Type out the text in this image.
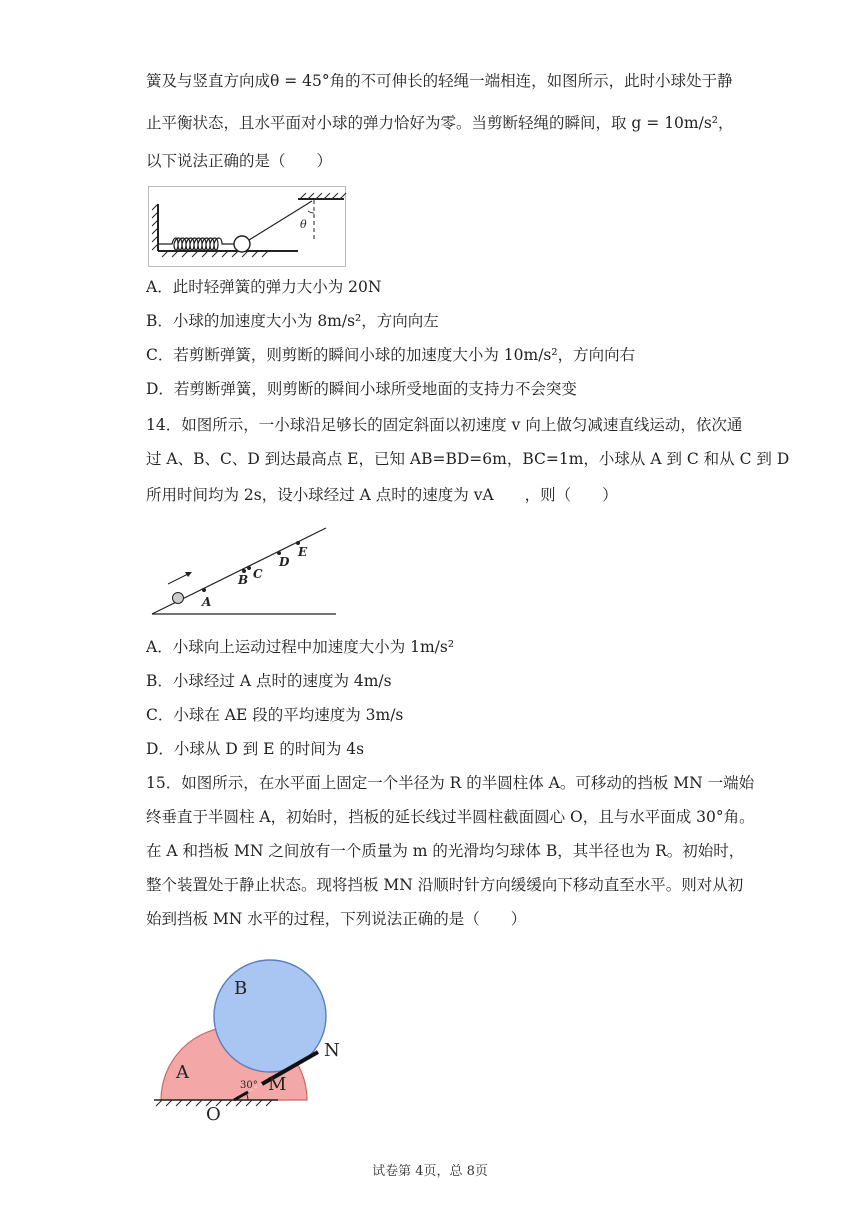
簧及与竖直方向成θ = 45°角的不可伸长的轻绳一端相连，如图所示，此时小球处于静
止平衡状态，且水平面对小球的弹力恰好为零。当剪断轻绳的瞬间，取 g = 10m/s²，
以下说法正确的是（　　）
θ
A．此时轻弹簧的弹力大小为 20N
B．小球的加速度大小为 8m/s²，方向向左
C．若剪断弹簧，则剪断的瞬间小球的加速度大小为 10m/s²，方向向右
D．若剪断弹簧，则剪断的瞬间小球所受地面的支持力不会突变
14．如图所示，一小球沿足够长的固定斜面以初速度 v 向上做匀减速直线运动，依次通
过 A、B、C、D 到达最高点 E，已知 AB=BD=6m，BC=1m，小球从 A 到 C 和从 C 到 D
所用时间均为 2s，设小球经过 A 点时的速度为 vA　　，则（　　）
A
B C
D
E
A．小球向上运动过程中加速度大小为 1m/s²
B．小球经过 A 点时的速度为 4m/s
C．小球在 AE 段的平均速度为 3m/s
D．小球从 D 到 E 的时间为 4s
15．如图所示，在水平面上固定一个半径为 R 的半圆柱体 A。可移动的挡板 MN 一端始
终垂直于半圆柱 A，初始时，挡板的延长线过半圆柱截面圆心 O，且与水平面成 30°角。
在 A 和挡板 MN 之间放有一个质量为 m 的光滑均匀球体 B，其半径也为 R。初始时，
整个装置处于静止状态。现将挡板 MN 沿顺时针方向缓缓向下移动直至水平。则对从初
始到挡板 MN 水平的过程，下列说法正确的是（　　）
30°
B
A
N
M
O
试卷第 4页，总 8页
